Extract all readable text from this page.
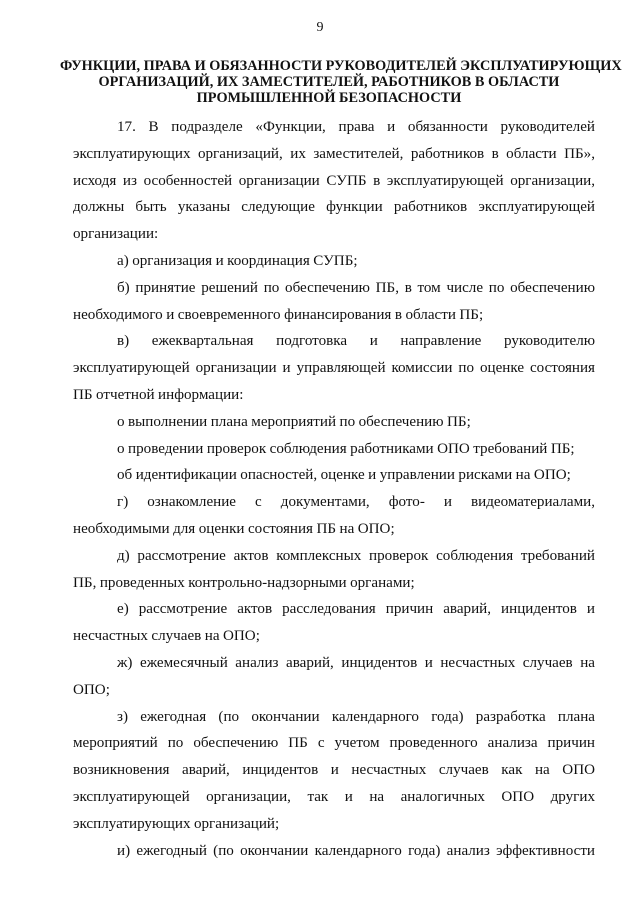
9
ФУНКЦИИ, ПРАВА И ОБЯЗАННОСТИ РУКОВОДИТЕЛЕЙ ЭКСПЛУАТИРУЮЩИХ
ОРГАНИЗАЦИЙ, ИХ ЗАМЕСТИТЕЛЕЙ, РАБОТНИКОВ В ОБЛАСТИ
ПРОМЫШЛЕННОЙ БЕЗОПАСНОСТИ

17. В подразделе «Функции, права и обязанности руководителей эксплуатирующих организаций, их заместителей, работников в области ПБ», исходя из особенностей организации СУПБ в эксплуатирующей организации, должны быть указаны следующие функции работников эксплуатирующей организации:

а) организация и координация СУПБ;

б) принятие решений по обеспечению ПБ, в том числе по обеспечению необходимого и своевременного финансирования в области ПБ;

в) ежеквартальная подготовка и направление руководителю эксплуатирующей организации и управляющей комиссии по оценке состояния ПБ отчетной информации:

о выполнении плана мероприятий по обеспечению ПБ;

о проведении проверок соблюдения работниками ОПО требований ПБ;

об идентификации опасностей, оценке и управлении рисками на ОПО;

г) ознакомление с документами, фото- и видеоматериалами, необходимыми для оценки состояния ПБ на ОПО;

д) рассмотрение актов комплексных проверок соблюдения требований ПБ, проведенных контрольно-надзорными органами;

е) рассмотрение актов расследования причин аварий, инцидентов и несчастных случаев на ОПО;

ж) ежемесячный анализ аварий, инцидентов и несчастных случаев на ОПО;

з) ежегодная (по окончании календарного года) разработка плана мероприятий по обеспечению ПБ с учетом проведенного анализа причин возникновения аварий, инцидентов и несчастных случаев как на ОПО эксплуатирующей организации, так и на аналогичных ОПО других эксплуатирующих организаций;

и) ежегодный (по окончании календарного года) анализ эффективности
